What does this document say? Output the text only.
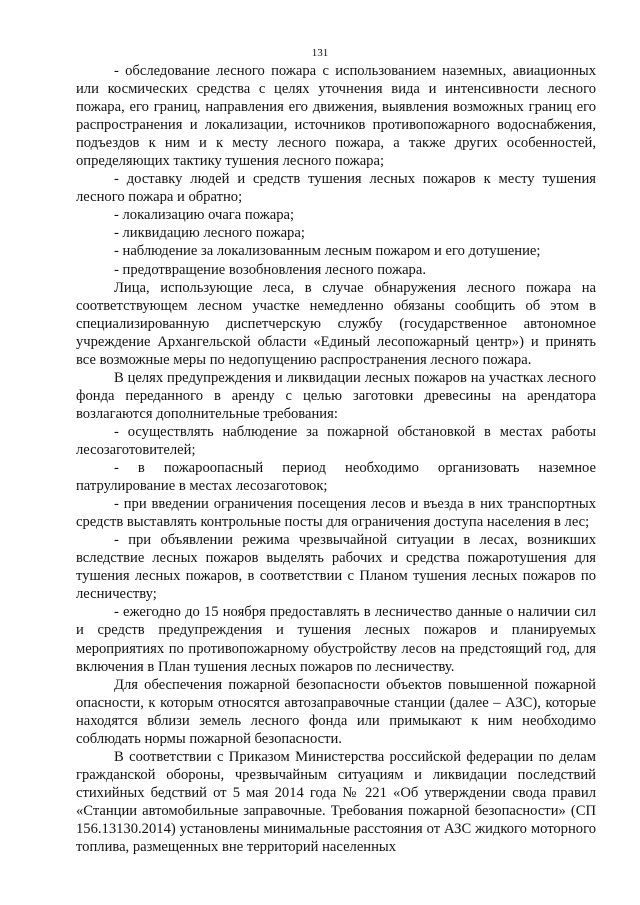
131

- обследование лесного пожара с использованием наземных, авиационных или космических средства с целях уточнения вида и интенсивности лесного пожара, его границ, направления его движения, выявления возможных границ его распространения и локализации, источников противопожарного водоснабжения, подъездов к ним и к месту лесного пожара, а также других особенностей, определяющих тактику тушения лесного пожара;

- доставку людей и средств тушения лесных пожаров к месту тушения лесного пожара и обратно;

- локализацию очага пожара;

- ликвидацию лесного пожара;

- наблюдение за локализованным лесным пожаром и его дотушение;

- предотвращение возобновления лесного пожара.

Лица, использующие леса, в случае обнаружения лесного пожара на соответствующем лесном участке немедленно обязаны сообщить об этом в специализированную диспетчерскую службу (государственное автономное учреждение Архангельской области «Единый лесопожарный центр») и принять все возможные меры по недопущению распространения лесного пожара.

В целях предупреждения и ликвидации лесных пожаров на участках лесного фонда переданного в аренду с целью заготовки древесины на арендатора возлагаются дополнительные требования:

- осуществлять наблюдение за пожарной обстановкой в местах работы лесозаготовителей;

- в пожароопасный период необходимо организовать наземное патрулирование в местах лесозаготовок;

- при введении ограничения посещения лесов и въезда в них транспортных средств выставлять контрольные посты для ограничения доступа населения в лес;

- при объявлении режима чрезвычайной ситуации в лесах, возникших вследствие лесных пожаров выделять рабочих и средства пожаротушения для тушения лесных пожаров, в соответствии с Планом тушения лесных пожаров по лесничеству;

- ежегодно до 15 ноября предоставлять в лесничество данные о наличии сил и средств предупреждения и тушения лесных пожаров и планируемых мероприятиях по противопожарному обустройству лесов на предстоящий год, для включения в План тушения лесных пожаров по лесничеству.

Для обеспечения пожарной безопасности объектов повышенной пожарной опасности, к которым относятся автозаправочные станции (далее – АЗС), которые находятся вблизи земель лесного фонда или примыкают к ним необходимо соблюдать нормы пожарной безопасности.

В соответствии с Приказом Министерства российской федерации по делам гражданской обороны, чрезвычайным ситуациям и ликвидации последствий стихийных бедствий от 5 мая 2014 года № 221 «Об утверждении свода правил «Станции автомобильные заправочные. Требования пожарной безопасности» (СП 156.13130.2014) установлены минимальные расстояния от АЗС жидкого моторного топлива, размещенных вне территорий населенных
